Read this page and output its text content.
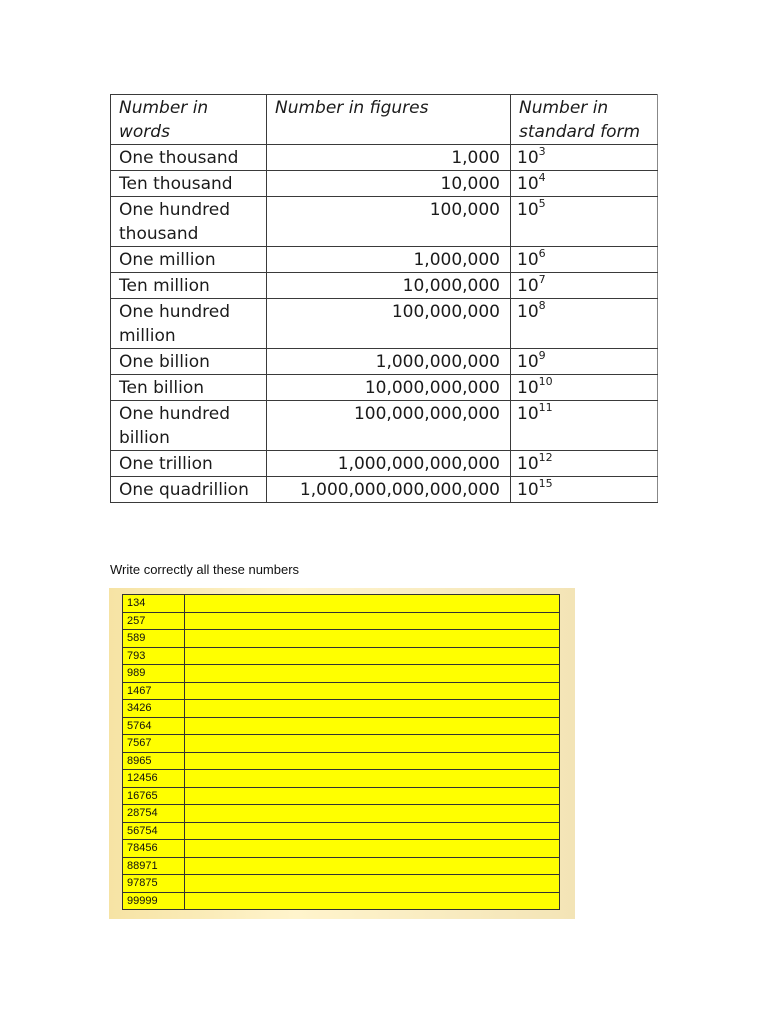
Number in words	Number in figures	Number in standard form
One thousand	1,000	$10^3$
Ten thousand	10,000	$10^4$
One hundred thousand	100,000	$10^5$
One million	1,000,000	$10^6$
Ten million	10,000,000	$10^7$
One hundred million	100,000,000	$10^8$
One billion	1,000,000,000	$10^9$
Ten billion	10,000,000,000	$10^{10}$
One hundred billion	100,000,000,000	$10^{11}$
One trillion	1,000,000,000,000	$10^{12}$
One quadrillion	1,000,000,000,000,000	$10^{15}$
Write correctly all these numbers
134	
257	
589	
793	
989	
1467	
3426	
5764	
7567	
8965	
12456	
16765	
28754	
56754	
78456	
88971	
97875	
99999	
